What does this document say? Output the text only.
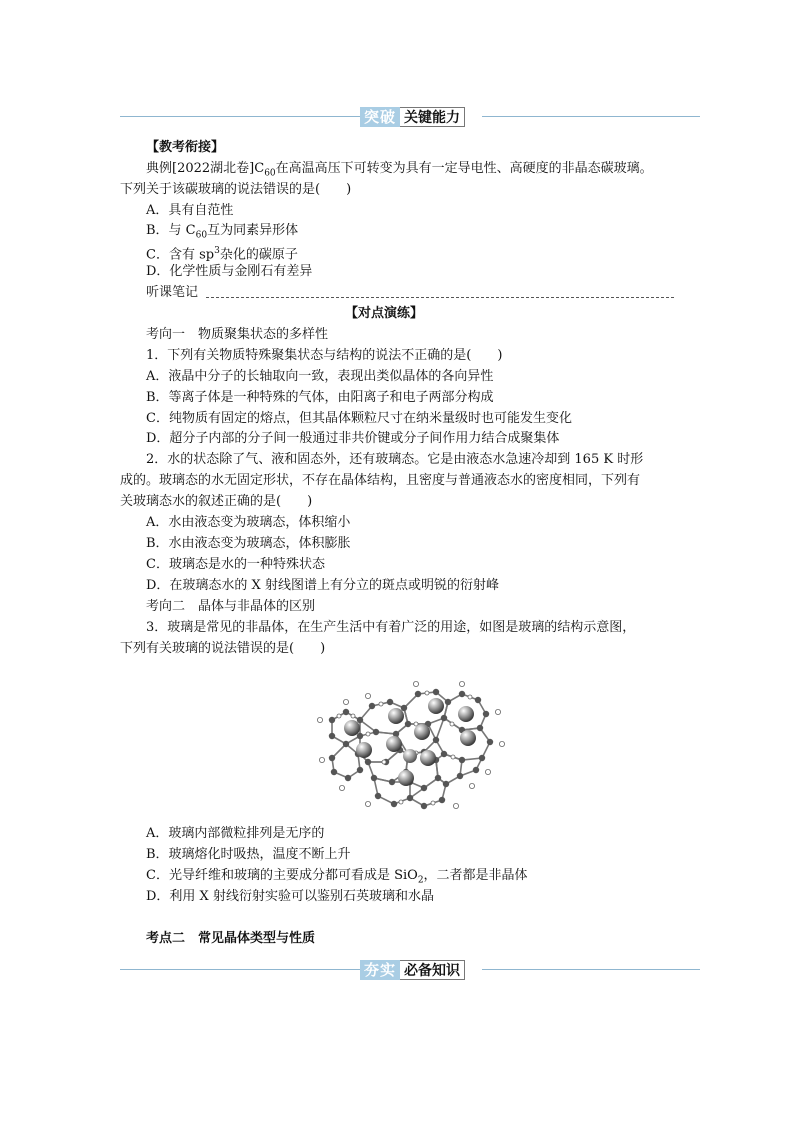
突破 关键能力
【教考衔接】
典例[2022湖北卷]$C_{60}$在高温高压下可转变为具有一定导电性、高硬度的非晶态碳玻璃。
下列关于该碳玻璃的说法错误的是(　　)
A．具有自范性
B．与 $C_{60}$互为同素异形体
C．含有 $sp^3$杂化的碳原子
D．化学性质与金刚石有差异
听课笔记
【对点演练】
考向一　物质聚集状态的多样性
1．下列有关物质特殊聚集状态与结构的说法不正确的是(　　)
A．液晶中分子的长轴取向一致，表现出类似晶体的各向异性
B．等离子体是一种特殊的气体，由阳离子和电子两部分构成
C．纯物质有固定的熔点，但其晶体颗粒尺寸在纳米量级时也可能发生变化
D．超分子内部的分子间一般通过非共价键或分子间作用力结合成聚集体
2．水的状态除了气、液和固态外，还有玻璃态。它是由液态水急速冷却到 165 K 时形
成的。玻璃态的水无固定形状，不存在晶体结构，且密度与普通液态水的密度相同，下列有
关玻璃态水的叙述正确的是(　　)
A．水由液态变为玻璃态，体积缩小
B．水由液态变为玻璃态，体积膨胀
C．玻璃态是水的一种特殊状态
D．在玻璃态水的 X 射线图谱上有分立的斑点或明锐的衍射峰
考向二　晶体与非晶体的区别
3．玻璃是常见的非晶体，在生产生活中有着广泛的用途，如图是玻璃的结构示意图，
下列有关玻璃的说法错误的是(　　)
A．玻璃内部微粒排列是无序的
B．玻璃熔化时吸热，温度不断上升
C．光导纤维和玻璃的主要成分都可看成是 SiO$_2$，二者都是非晶体
D．利用 X 射线衍射实验可以鉴别石英玻璃和水晶
考点二　常见晶体类型与性质
夯实 必备知识
